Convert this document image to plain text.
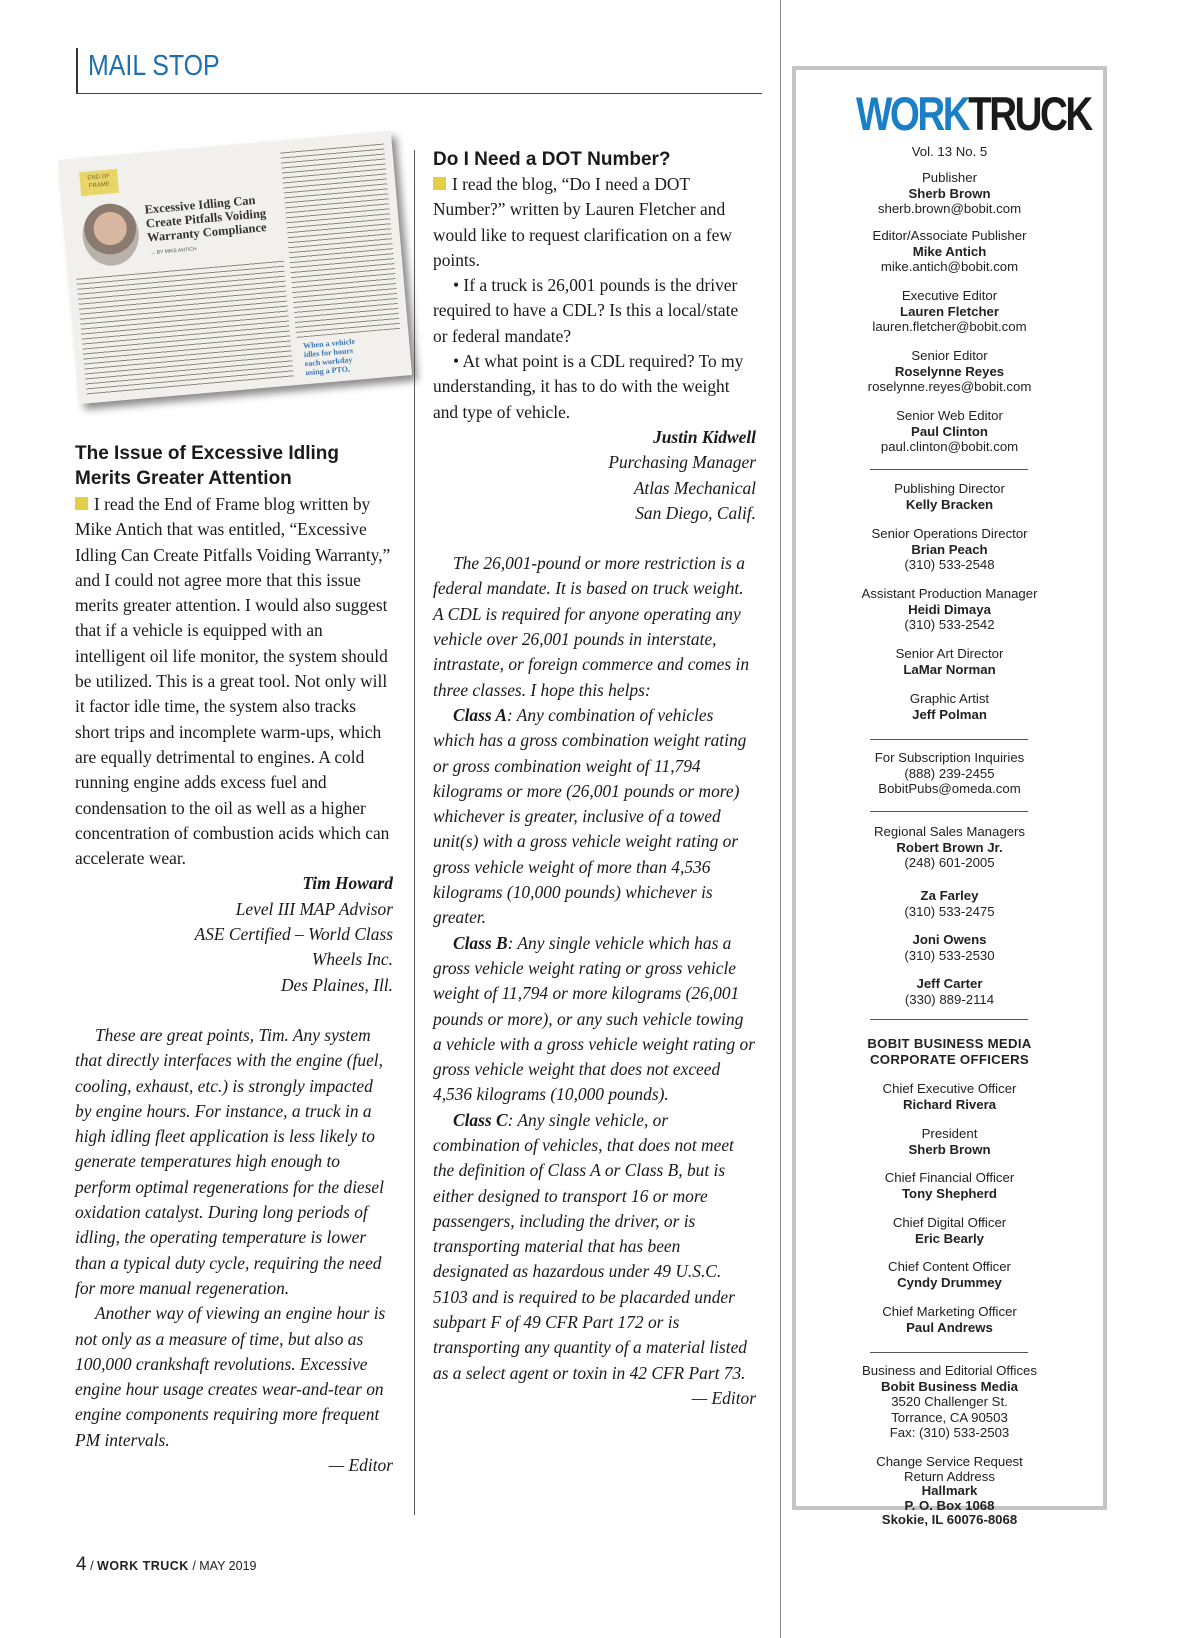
MAIL STOP
END OF FRAME
Excessive Idling Can Create Pitfalls Voiding Warranty Compliance
→ BY MIKE ANTICH
When a vehicle idles for hours each workday using a PTO,
The Issue of Excessive Idling Merits Greater Attention

I read the End of Frame blog written by Mike Antich that was entitled, “Excessive Idling Can Create Pitfalls Voiding Warranty,” and I could not agree more that this issue merits greater attention. I would also suggest that if a vehicle is equipped with an intelligent oil life monitor, the system should be utilized. This is a great tool. Not only will it factor idle time, the system also tracks short trips and incomplete warm-ups, which are equally detrimental to engines. A cold running engine adds excess fuel and condensation to the oil as well as a higher concentration of combustion acids which can accelerate wear.

Tim Howard
Level III MAP Advisor
ASE Certified – World Class
Wheels Inc.
Des Plaines, Ill.

These are great points, Tim. Any system that directly interfaces with the engine (fuel, cooling, exhaust, etc.) is strongly impacted by engine hours. For instance, a truck in a high idling fleet application is less likely to generate temperatures high enough to perform optimal regenerations for the diesel oxidation catalyst. During long periods of idling, the operating temperature is lower than a typical duty cycle, requiring the need for more manual regeneration.

Another way of viewing an engine hour is not only as a measure of time, but also as 100,000 crankshaft revolutions. Excessive engine hour usage creates wear-and-tear on engine components requiring more frequent PM intervals.

— Editor
Do I Need a DOT Number?

I read the blog, “Do I need a DOT Number?” written by Lauren Fletcher and would like to request clarification on a few points.

• If a truck is 26,001 pounds is the driver required to have a CDL? Is this a local/state or federal mandate?

• At what point is a CDL required? To my understanding, it has to do with the weight and type of vehicle.

Justin Kidwell
Purchasing Manager
Atlas Mechanical
San Diego, Calif.

The 26,001-pound or more restriction is a federal mandate. It is based on truck weight. A CDL is required for anyone operating any vehicle over 26,001 pounds in interstate, intrastate, or foreign commerce and comes in three classes. I hope this helps:

Class A: Any combination of vehicles which has a gross combination weight rating or gross combination weight of 11,794 kilograms or more (26,001 pounds or more) whichever is greater, inclusive of a towed unit(s) with a gross vehicle weight rating or gross vehicle weight of more than 4,536 kilograms (10,000 pounds) whichever is greater.

Class B: Any single vehicle which has a gross vehicle weight rating or gross vehicle weight of 11,794 or more kilograms (26,001 pounds or more), or any such vehicle towing a vehicle with a gross vehicle weight rating or gross vehicle weight that does not exceed 4,536 kilograms (10,000 pounds).

Class C: Any single vehicle, or combination of vehicles, that does not meet the definition of Class A or Class B, but is either designed to transport 16 or more passengers, including the driver, or is transporting material that has been designated as hazardous under 49 U.S.C. 5103 and is required to be placarded under subpart F of 49 CFR Part 172 or is transporting any quantity of a material listed as a select agent or toxin in 42 CFR Part 73.

— Editor
WORKTRUCK
Vol. 13 No. 5
Publisher
Sherb Brown
sherb.brown@bobit.com
Editor/Associate Publisher
Mike Antich
mike.antich@bobit.com
Executive Editor
Lauren Fletcher
lauren.fletcher@bobit.com
Senior Editor
Roselynne Reyes
roselynne.reyes@bobit.com
Senior Web Editor
Paul Clinton
paul.clinton@bobit.com
Publishing Director
Kelly Bracken
Senior Operations Director
Brian Peach
(310) 533-2548
Assistant Production Manager
Heidi Dimaya
(310) 533-2542
Senior Art Director
LaMar Norman
Graphic Artist
Jeff Polman
For Subscription Inquiries
(888) 239-2455
BobitPubs@omeda.com
Regional Sales Managers
Robert Brown Jr.
(248) 601-2005
Za Farley
(310) 533-2475
Joni Owens
(310) 533-2530
Jeff Carter
(330) 889-2114
BOBIT BUSINESS MEDIA
CORPORATE OFFICERS
Chief Executive Officer
Richard Rivera
President
Sherb Brown
Chief Financial Officer
Tony Shepherd
Chief Digital Officer
Eric Bearly
Chief Content Officer
Cyndy Drummey
Chief Marketing Officer
Paul Andrews
Business and Editorial Offices
Bobit Business Media
3520 Challenger St.
Torrance, CA 90503
Fax: (310) 533-2503
Change Service Request
Return Address
Hallmark
P. O. Box 1068
Skokie, IL 60076-8068
4 / WORK TRUCK / MAY 2019
